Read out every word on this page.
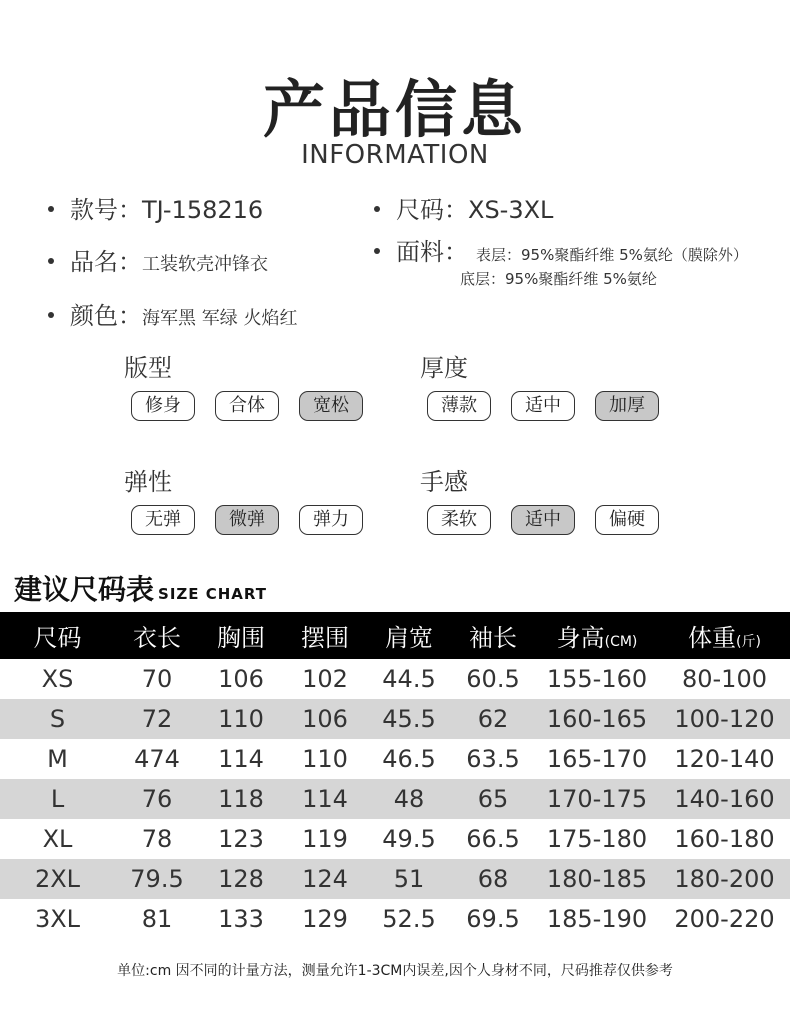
产品信息
INFORMATION
款号：TJ-158216	尺码：XS-3XL
品名：工装软壳冲锋衣	面料： 表层：95%聚酯纤维 5%氨纶（膜除外）
底层：95%聚酯纤维 5%氨纶
颜色：海军黑 军绿 火焰红
版型
修身	合体	宽松
厚度
薄款	适中	加厚
弹性
无弹	微弹	弹力
手感
柔软	适中	偏硬
建议尺码表 SIZE CHART
尺码	衣长	胸围	摆围	肩宽	袖长	身高(CM)	体重(斤)
XS	70	106	102	44.5	60.5	155-160	80-100
S	72	110	106	45.5	62	160-165	100-120
M	474	114	110	46.5	63.5	165-170	120-140
L	76	118	114	48	65	170-175	140-160
XL	78	123	119	49.5	66.5	175-180	160-180
2XL	79.5	128	124	51	68	180-185	180-200
3XL	81	133	129	52.5	69.5	185-190	200-220
单位:cm 因不同的计量方法，测量允许1-3CM内误差,因个人身材不同，尺码推荐仅供参考
